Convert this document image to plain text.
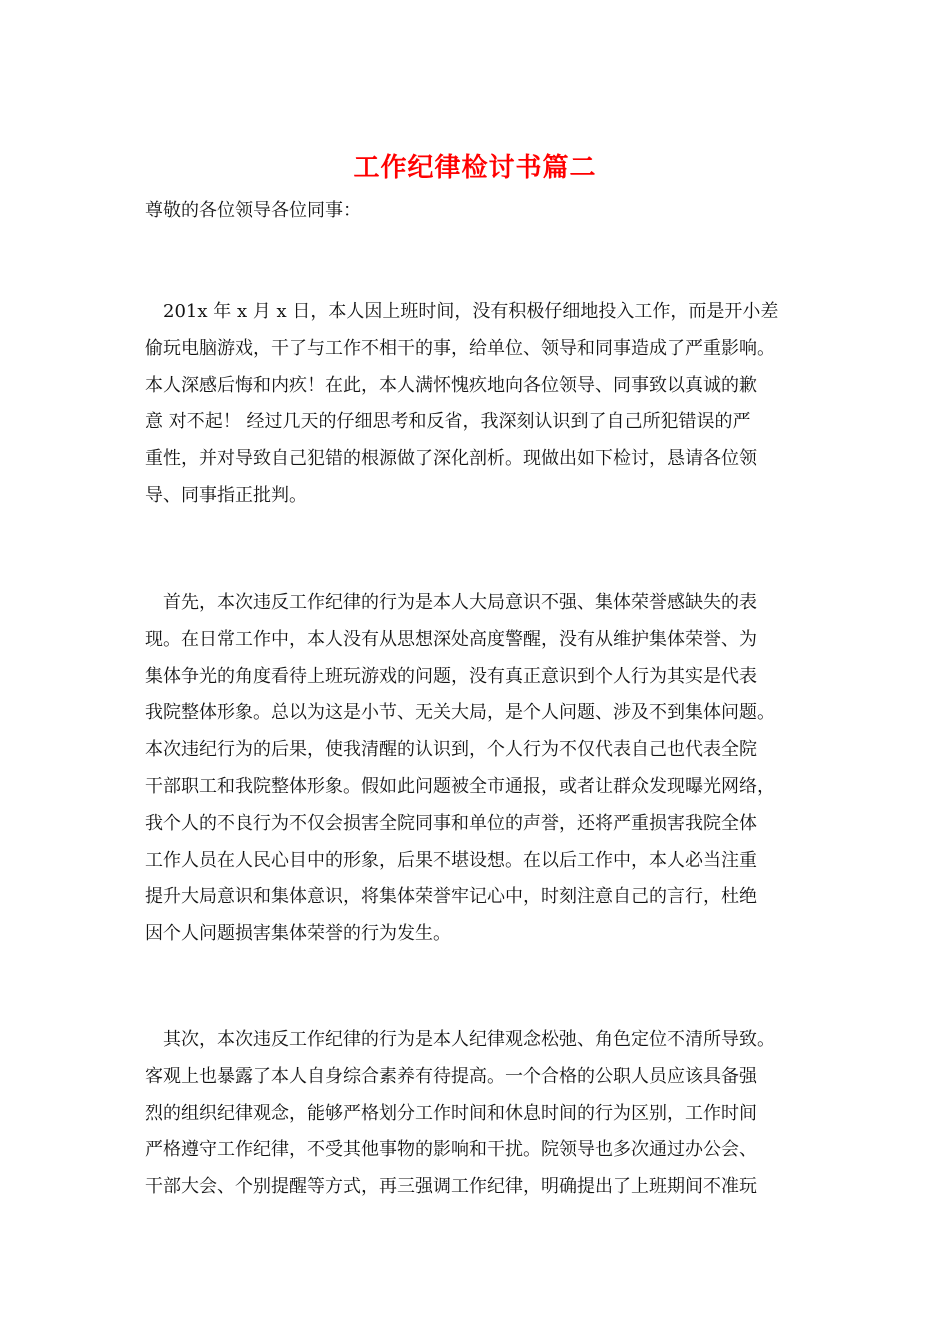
工作纪律检讨书篇二
尊敬的各位领导各位同事：
201x 年 x 月 x 日，本人因上班时间，没有积极仔细地投入工作，而是开小差
偷玩电脑游戏，干了与工作不相干的事，给单位、领导和同事造成了严重影响。
本人深感后悔和内疚！在此，本人满怀愧疚地向各位领导、同事致以真诚的歉
意 对不起！ 经过几天的仔细思考和反省，我深刻认识到了自己所犯错误的严
重性，并对导致自己犯错的根源做了深化剖析。现做出如下检讨，恳请各位领
导、同事指正批判。
首先，本次违反工作纪律的行为是本人大局意识不强、集体荣誉感缺失的表
现。在日常工作中，本人没有从思想深处高度警醒，没有从维护集体荣誉、为
集体争光的角度看待上班玩游戏的问题，没有真正意识到个人行为其实是代表
我院整体形象。总以为这是小节、无关大局，是个人问题、涉及不到集体问题。
本次违纪行为的后果，使我清醒的认识到，个人行为不仅代表自己也代表全院
干部职工和我院整体形象。假如此问题被全市通报，或者让群众发现曝光网络，
我个人的不良行为不仅会损害全院同事和单位的声誉，还将严重损害我院全体
工作人员在人民心目中的形象，后果不堪设想。在以后工作中，本人必当注重
提升大局意识和集体意识，将集体荣誉牢记心中，时刻注意自己的言行，杜绝
因个人问题损害集体荣誉的行为发生。
其次，本次违反工作纪律的行为是本人纪律观念松弛、角色定位不清所导致。
客观上也暴露了本人自身综合素养有待提高。一个合格的公职人员应该具备强
烈的组织纪律观念，能够严格划分工作时间和休息时间的行为区别，工作时间
严格遵守工作纪律，不受其他事物的影响和干扰。院领导也多次通过办公会、
干部大会、个别提醒等方式，再三强调工作纪律，明确提出了上班期间不准玩
